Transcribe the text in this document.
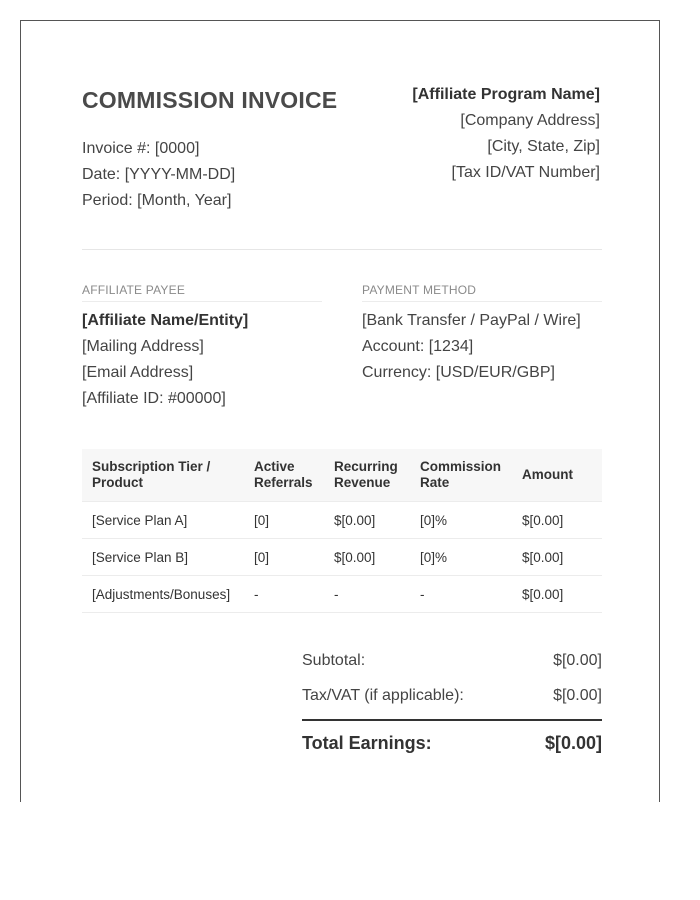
COMMISSION INVOICE
Invoice #: [0000]
Date: [YYYY-MM-DD]
Period: [Month, Year]
[Affiliate Program Name]
[Company Address]
[City, State, Zip]
[Tax ID/VAT Number]
AFFILIATE PAYEE
[Affiliate Name/Entity]
[Mailing Address]
[Email Address]
[Affiliate ID: #00000]
PAYMENT METHOD
[Bank Transfer / PayPal / Wire]
Account: [1234]
Currency: [USD/EUR/GBP]
Subscription Tier / Product	Active Referrals	Recurring Revenue	Commission Rate	Amount
[Service Plan A]	[0]	$[0.00]	[0]%	$[0.00]
[Service Plan B]	[0]	$[0.00]	[0]%	$[0.00]
[Adjustments/Bonuses]	-	-	-	$[0.00]
Subtotal:	$[0.00]
Tax/VAT (if applicable):	$[0.00]
Total Earnings:	$[0.00]
